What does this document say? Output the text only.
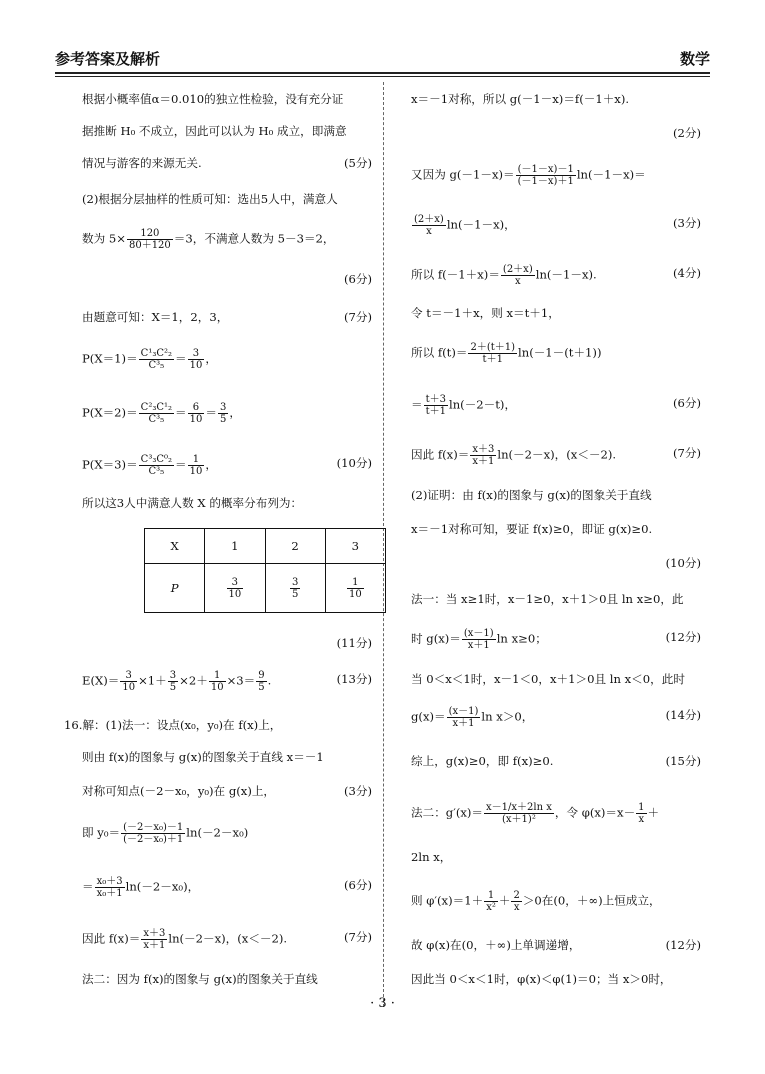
参考答案及解析	数学
根据小概率值α＝0.010的独立性检验，没有充分证
据推断 H₀ 不成立，因此可以认为 H₀ 成立，即满意
情况与游客的来源无关.	(5分)
(2)根据分层抽样的性质可知：选出5人中，满意人
数为 $5\times \frac{120}{80+120} =3$，不满意人数为 5－3＝2，
(6分)
由题意可知：X＝1，2，3，	(7分)
$P(X=1)= \frac{\text{C¹₃C²₂}}{\text{C³₅}} = \frac{3}{10}$ ，
$P(X=2)= \frac{\text{C²₃C¹₂}}{\text{C³₅}} = \frac{6}{10} = \frac{3}{5}$ ，
$P(X=3)= \frac{\text{C³₃C⁰₂}}{\text{C³₅}} = \frac{1}{10}$ ，	(10分)
所以这3人中满意人数 X 的概率分布列为：
X	1	2	3
P	$\frac{3}{10}$	$\frac{3}{5}$	$\frac{1}{10}$
(11分)
$E(X)= \frac{3}{10} \times 1+ \frac{3}{5} \times 2+ \frac{1}{10} \times 3= \frac{9}{5}$ .	(13分)
16.解：(1)法一：设点(x₀，y₀)在 f(x)上，
则由 f(x)的图象与 g(x)的图象关于直线 x＝－1
对称可知点(－2－x₀，y₀)在 g(x)上，	(3分)
即 $y_0= \frac{\text{(－2－x₀)－1}}{\text{(－2－x₀)＋1}} \ln(-2-x_0)$
＝ $\frac{\text{x₀＋3}}{\text{x₀＋1}} \ln(-2-x_0)$，	(6分)
因此 $f(x)= \frac{x+3}{x+1} \ln(-2-x)$，(x＜－2).	(7分)
法二：因为 f(x)的图象与 g(x)的图象关于直线
x＝－1对称，所以 g(－1－x)＝f(－1＋x).
(2分)
又因为 $g(-1-x)= \frac{(-1-x)-1}{(-1-x)+1} \ln(-1-x)=$
$\frac{(2+x)}{x} \ln(-1-x)$，	(3分)
所以 $f(-1+x)= \frac{(2+x)}{x} \ln(-1-x)$.	(4分)
令 t＝－1＋x，则 x＝t＋1，
所以 $f(t)= \frac{2+(t+1)}{t+1} \ln(-1-(t+1))$
＝ $\frac{t+3}{t+1} \ln(-2-t)$，	(6分)
因此 $f(x)= \frac{x+3}{x+1} \ln(-2-x)$，(x＜－2).	(7分)
(2)证明：由 f(x)的图象与 g(x)的图象关于直线
x＝－1对称可知，要证 f(x)≥0，即证 g(x)≥0.
(10分)
法一：当 x≥1时，x－1≥0，x＋1＞0且 ln x≥0，此
时 $g(x)= \frac{(x-1)}{x+1}$ ln x≥0；	(12分)
当 0＜x＜1时，x－1＜0，x＋1＞0且 ln x＜0，此时
$g(x)= \frac{(x-1)}{x+1}$ ln x＞0，	(14分)
综上，g(x)≥0，即 f(x)≥0.	(15分)
法二：$g'(x)= \frac{\text{x－1/x＋2ln x}}{\text{(x＋1)²}}$ ，令 $\varphi(x)=x- \frac{1}{x}$ ＋
2ln x，
则 $\varphi'(x)=1+ \frac{1}{\text{x²}} + \frac{2}{x} >0$在(0，＋∞)上恒成立，
故 φ(x)在(0，＋∞)上单调递增，	(12分)
因此当 0＜x＜1时，φ(x)＜φ(1)＝0；当 x＞0时，
· 3 ·
